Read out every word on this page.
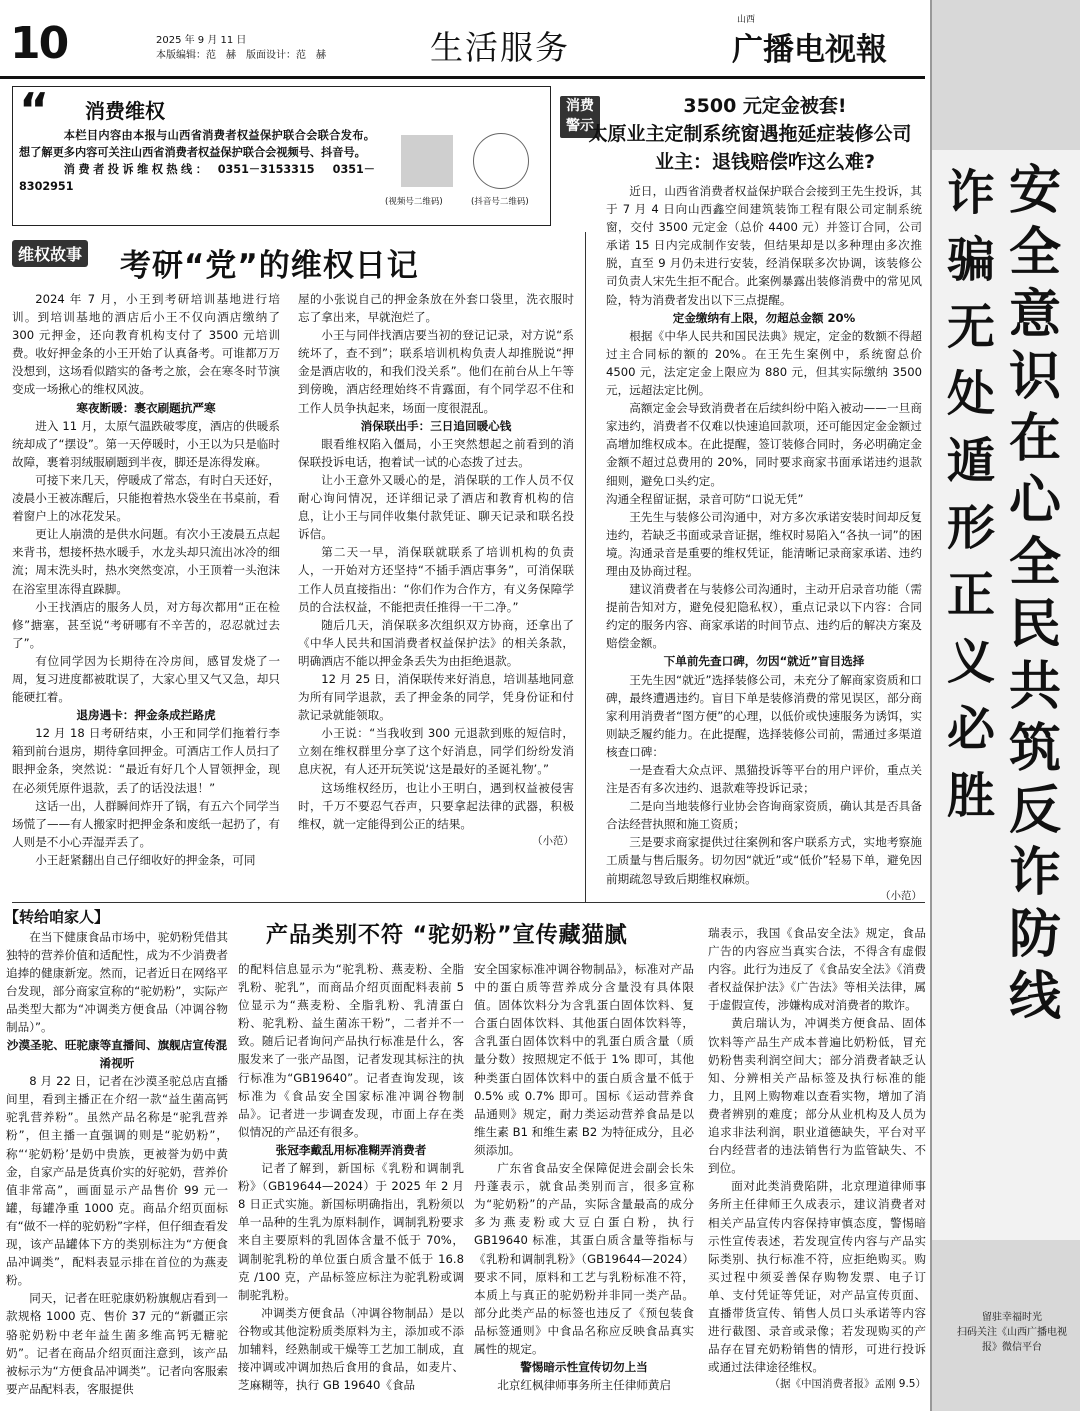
10	2025 年 9 月 11 日
本版编辑：范　赫　版面设计：范　赫	生活服务
山西
广播电视報
“ 消费维权
本栏目内容由本报与山西省消费者权益保护联合会联合发布。想了解更多内容可关注山西省消费者权益保护联合会视频号、抖音号。
消费者投诉维权热线： 0351－3153315　0351－8302951
(视频号二维码)	(抖音号二维码)
维权故事 考研“党”的维权日记

2024 年 7 月，小王到考研培训基地进行培训。到培训基地的酒店后小王不仅向酒店缴纳了 300 元押金，还向教育机构支付了 3500 元培训费。收好押金条的小王开始了认真备考。可谁都万万没想到，这场看似踏实的备考之旅，会在寒冬时节演变成一场揪心的维权风波。

寒夜断暖：裹衣刷题抗严寒

进入 11 月，太原气温跌破零度，酒店的供暖系统却成了“摆设”。第一天停暖时，小王以为只是临时故障，裹着羽绒服刷题到半夜，脚还是冻得发麻。

可接下来几天，停暖成了常态，有时白天还好，凌晨小王被冻醒后，只能抱着热水袋坐在书桌前，看着窗户上的冰花发呆。

更让人崩溃的是供水问题。有次小王凌晨五点起来背书，想接杯热水暖手，水龙头却只流出冰冷的细流；周末洗头时，热水突然变凉，小王顶着一头泡沫在浴室里冻得直跺脚。

小王找酒店的服务人员，对方每次都用“正在检修”搪塞，甚至说“考研哪有不辛苦的，忍忍就过去了”。

有位同学因为长期待在冷房间，感冒发烧了一周，复习进度都被耽误了，大家心里又气又急，却只能硬扛着。

退房遇卡：押金条成拦路虎

12 月 18 日考研结束，小王和同学们拖着行李箱到前台退房，期待拿回押金。可酒店工作人员扫了眼押金条，突然说：“最近有好几个人冒领押金，现在必须凭原件退款，丢了的话没法退！”

这话一出，人群瞬间炸开了锅，有五六个同学当场慌了——有人搬家时把押金条和废纸一起扔了，有人则是不小心弄湿弄丢了。

小王赶紧翻出自己仔细收好的押金条，可同

屋的小张说自己的押金条放在外套口袋里，洗衣服时忘了拿出来，早就泡烂了。

小王与同伴找酒店要当初的登记记录，对方说“系统坏了，查不到”；联系培训机构负责人却推脱说“押金是酒店收的，和我们没关系”。他们在前台从上午等到傍晚，酒店经理始终不肯露面，有个同学忍不住和工作人员争执起来，场面一度很混乱。

消保联出手：三日追回暖心钱

眼看维权陷入僵局，小王突然想起之前看到的消保联投诉电话，抱着试一试的心态拨了过去。

让小王意外又暖心的是，消保联的工作人员不仅耐心询问情况，还详细记录了酒店和教育机构的信息，让小王与同伴收集付款凭证、聊天记录和联名投诉信。

第二天一早，消保联就联系了培训机构的负责人，一开始对方还坚持“不插手酒店事务”，可消保联工作人员直接指出：“你们作为合作方，有义务保障学员的合法权益，不能把责任推得一干二净。”

随后几天，消保联多次组织双方协商，还拿出了《中华人民共和国消费者权益保护法》的相关条款，明确酒店不能以押金条丢失为由拒绝退款。

12 月 25 日，消保联传来好消息，培训基地同意为所有同学退款，丢了押金条的同学，凭身份证和付款记录就能领取。

小王说：“当我收到 300 元退款到账的短信时，立刻在维权群里分享了这个好消息，同学们纷纷发消息庆祝，有人还开玩笑说‘这是最好的圣诞礼物’。”

这场维权经历，也让小王明白，遇到权益被侵害时，千万不要忍气吞声，只要拿起法律的武器，积极维权，就一定能得到公正的结果。

（小范）
消费
警示
3500 元定金被套!
太原业主定制系统窗遇拖延症装修公司
业主：退钱赔偿咋这么难?

近日，山西省消费者权益保护联合会接到王先生投诉，其于 7 月 4 日向山西鑫空间建筑装饰工程有限公司定制系统窗，交付 3500 元定金（总价 4400 元）并签订合同，公司承诺 15 日内完成制作安装，但结果却是以多种理由多次推脱，直至 9 月仍未进行安装，经消保联多次协调，该装修公司负责人宋先生拒不配合。此案例暴露出装修消费中的常见风险，特为消费者发出以下三点提醒。

定金缴纳有上限，勿超总金额 20%

根据《中华人民共和国民法典》规定，定金的数额不得超过主合同标的额的 20%。在王先生案例中，系统窗总价 4500 元，法定定金上限应为 880 元，但其实际缴纳 3500 元，远超法定比例。

高额定金会导致消费者在后续纠纷中陷入被动——一旦商家违约，消费者不仅难以快速追回款项，还可能因定金金额过高增加维权成本。在此提醒，签订装修合同时，务必明确定金金额不超过总费用的 20%，同时要求商家书面承诺违约退款细则，避免口头约定。

沟通全程留证据，录音可防“口说无凭”

王先生与装修公司沟通中，对方多次承诺安装时间却反复违约，若缺乏书面或录音证据，维权时易陷入“各执一词”的困境。沟通录音是重要的维权凭证，能清晰记录商家承诺、违约理由及协商过程。

建议消费者在与装修公司沟通时，主动开启录音功能（需提前告知对方，避免侵犯隐私权），重点记录以下内容：合同约定的服务内容、商家承诺的时间节点、违约后的解决方案及赔偿金额。

下单前先查口碑，勿因“就近”盲目选择

王先生因“就近”选择装修公司，未充分了解商家资质和口碑，最终遭遇违约。盲目下单是装修消费的常见误区，部分商家利用消费者“图方便”的心理，以低价或快速服务为诱饵，实则缺乏履约能力。在此提醒，选择装修公司前，需通过多渠道核查口碑：

一是查看大众点评、黑猫投诉等平台的用户评价，重点关注是否有多次违约、退款难等投诉记录；

二是向当地装修行业协会咨询商家资质，确认其是否具备合法经营执照和施工资质；

三是要求商家提供过往案例和客户联系方式，实地考察施工质量与售后服务。切勿因“就近”或“低价”轻易下单，避免因前期疏忽导致后期维权麻烦。

（小范）
【转给咱家人】

在当下健康食品市场中，驼奶粉凭借其独特的营养价值和适配性，成为不少消费者追捧的健康新宠。然而，记者近日在网络平台发现，部分商家宣称的“驼奶粉”，实际产品类型大都为“冲调类方便食品（冲调谷物制品）”。

产品类别不符 “驼奶粉”宣传藏猫腻

沙漠圣驼、旺驼康等直播间、旗舰店宣传混淆视听

8 月 22 日，记者在沙漠圣驼总店直播间里，看到主播正在介绍一款“益生菌高钙驼乳营养粉”。虽然产品名称是“驼乳营养粉”，但主播一直强调的则是“驼奶粉”，称“‘驼奶粉’是奶中贵族，更被誉为奶中黄金，自家产品是货真价实的好驼奶，营养价值非常高”，画面显示产品售价 99 元一罐，每罐净重 1000 克。商品介绍页面标有“做不一样的驼奶粉”字样，但仔细查看发现，该产品罐体下方的类别标注为“方便食品冲调类”，配料表显示排在首位的为燕麦粉。

同天，记者在旺驼康奶粉旗舰店看到一款规格 1000 克、售价 37 元的“新疆正宗骆驼奶粉中老年益生菌多维高钙无糖驼奶”。记者在商品介绍页面注意到，该产品被标示为“方便食品冲调类”。记者向客服索要产品配料表，客服提供

的配料信息显示为“驼乳粉、燕麦粉、全脂乳粉、驼乳”，而商品介绍页面配料表前 5 位显示为“燕麦粉、全脂乳粉、乳清蛋白粉、驼乳粉、益生菌冻干粉”，二者并不一致。随后记者询问产品执行标准是什么，客服发来了一张产品图，记者发现其标注的执行标准为“GB19640”。记者查询发现，该标准为《食品安全国家标准冲调谷物制品》。记者进一步调查发现，市面上存在类似情况的产品还有很多。

张冠李戴乱用标准糊弄消费者

记者了解到，新国标《乳粉和调制乳粉》（GB19644—2024）于 2025 年 2 月 8 日正式实施。新国标明确指出，乳粉须以单一品种的生乳为原料制作，调制乳粉要求来自主要原料的乳固体含量不低于 70%，调制驼乳粉的单位蛋白质含量不低于 16.8 克 /100 克，产品标签应标注为驼乳粉或调制驼乳粉。

冲调类方便食品（冲调谷物制品）是以谷物或其他淀粉质类原料为主，添加或不添加辅料，经熟制或干燥等工艺加工制成，直接冲调或冲调加热后食用的食品，如麦片、芝麻糊等，执行 GB 19640《食品

安全国家标准冲调谷物制品》，标准对产品中的蛋白质等营养成分含量没有具体限值。固体饮料分为含乳蛋白固体饮料、复合蛋白固体饮料、其他蛋白固体饮料等，含乳蛋白固体饮料中的乳蛋白质含量（质量分数）按照规定不低于 1% 即可，其他种类蛋白固体饮料中的蛋白质含量不低于 0.5% 或 0.7% 即可。国标《运动营养食品通则》规定，耐力类运动营养食品是以维生素 B1 和维生素 B2 为特征成分，且必须添加。

广东省食品安全保障促进会副会长朱丹蓬表示，就食品类别而言，很多宣称为“驼奶粉”的产品，实际含量最高的成分多为燕麦粉或大豆白蛋白粉，执行 GB19640 标准，其蛋白质含量等指标与《乳粉和调制乳粉》（GB19644—2024）要求不同，原料和工艺与乳粉标准不符，本质上与真正的驼奶粉并非同一类产品。部分此类产品的标签也违反了《预包装食品标签通则》中食品名称应反映食品真实属性的规定。

警惕暗示性宣传切勿上当

北京红枫律师事务所主任律师黄启

瑞表示，我国《食品安全法》规定，食品广告的内容应当真实合法，不得含有虚假内容。此行为违反了《食品安全法》《消费者权益保护法》《广告法》等相关法律，属于虚假宣传，涉嫌构成对消费者的欺诈。

黄启瑞认为，冲调类方便食品、固体饮料等产品生产成本普遍比奶粉低，冒充奶粉售卖利润空间大；部分消费者缺乏认知、分辨相关产品标签及执行标准的能力，且网上购物难以查看实物，增加了消费者辨别的难度；部分从业机构及人员为追求非法利润，职业道德缺失，平台对平台内经营者的违法销售行为监管缺失、不到位。

面对此类消费陷阱，北京理道律师事务所主任律师王久成表示，建议消费者对相关产品宣传内容保持审慎态度，警惕暗示性宣传表述，若发现宣传内容与产品实际类别、执行标准不符，应拒绝购买。购买过程中须妥善保存购物发票、电子订单、支付凭证等凭证，对产品宣传页面、直播带货宣传、销售人员口头承诺等内容进行截图、录音或录像；若发现购买的产品存在冒充奶粉销售的情形，可进行投诉或通过法律途径维权。

（据《中国消费者报》孟刚 9.5）
安全意识在心全民共筑反诈防线
诈骗无处遁形正义必胜
留驻幸福时光
扫码关注《山西广播电视报》微信平台
